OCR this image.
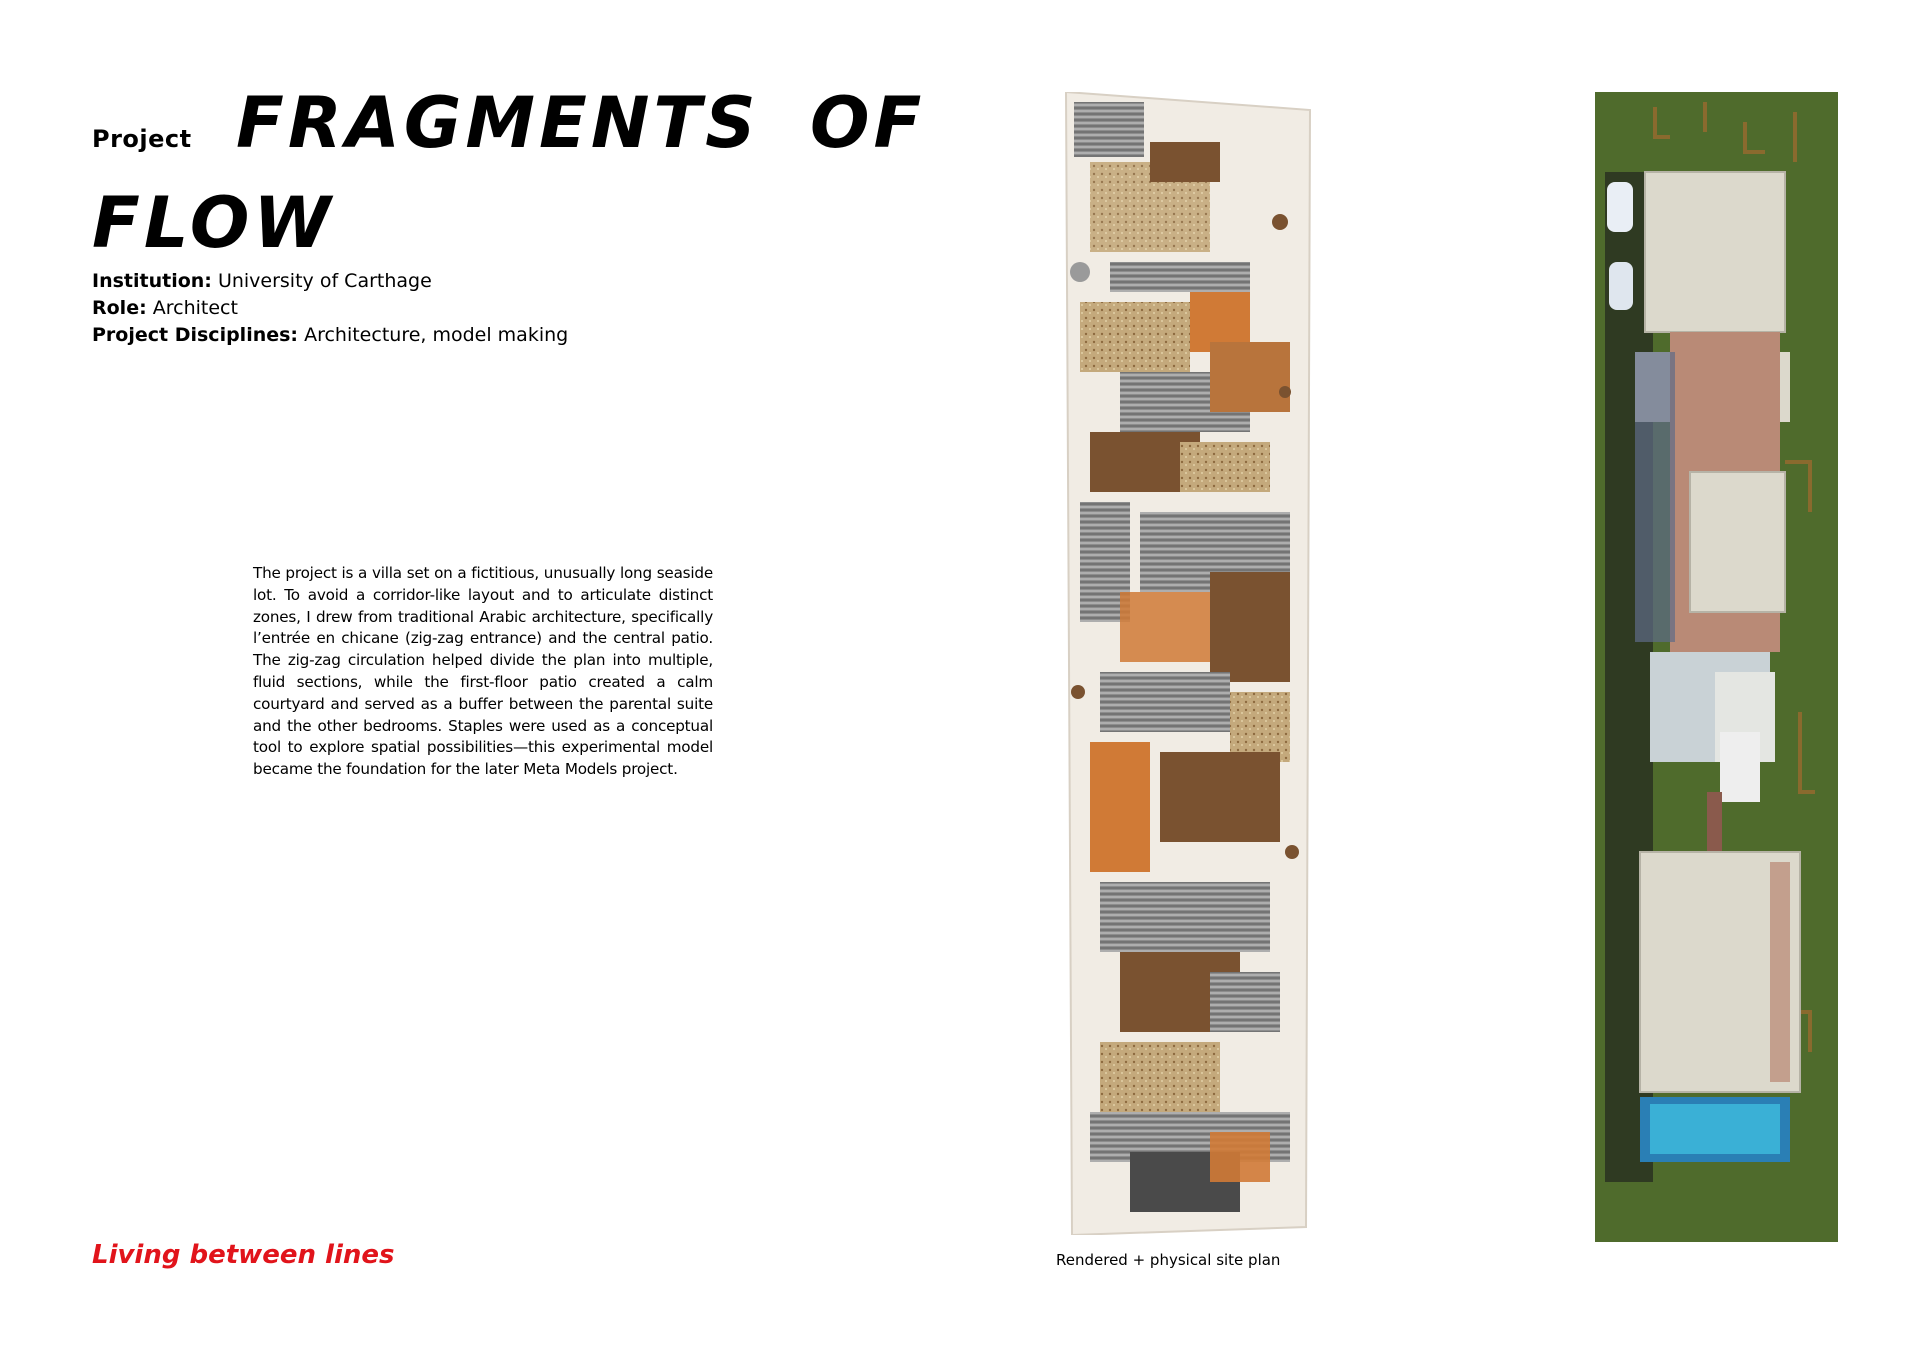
Project FRAGMENTS OF
FLOW
Institution: University of Carthage
Role: Architect
Project Disciplines: Architecture, model making
The project is a villa set on a fictitious, unusually long seaside lot. To avoid a corridor-like layout and to articulate distinct zones, I drew from traditional Arabic architecture, specifically l’entrée en chicane (zig-zag entrance) and the central patio. The zig-zag circulation helped divide the plan into multiple, fluid sections, while the first-floor patio created a calm courtyard and served as a buffer between the parental suite and the other bedrooms. Staples were used as a conceptual tool to explore spatial possibilities—this experimental model became the foundation for the later Meta Models project.
Living between lines	Rendered + physical site plan
